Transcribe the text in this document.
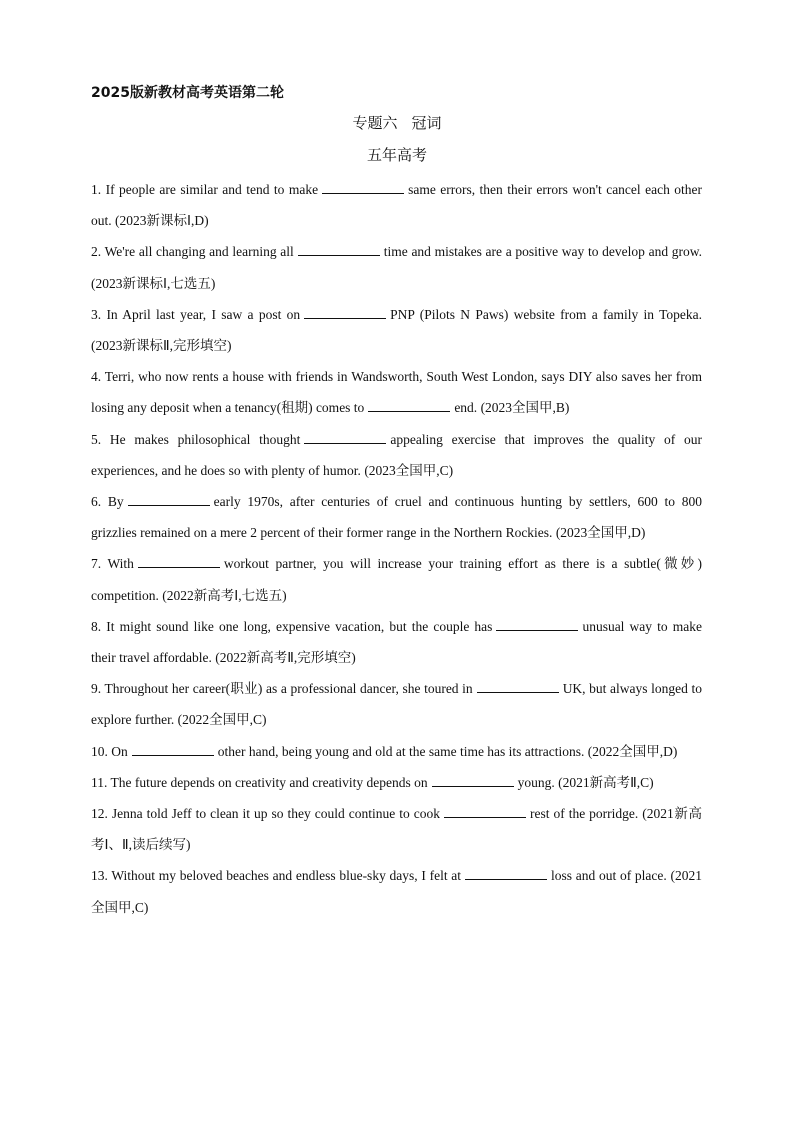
2025版新教材高考英语第二轮
专题六 冠词
五年高考

1. If people are similar and tend to make	same errors, then their errors won't cancel each other out. (2023新课标Ⅰ,D)

2. We're all changing and learning all	time and mistakes are a positive way to develop and grow. (2023新课标Ⅰ,七选五)

3. In April last year, I saw a post on	PNP (Pilots N Paws) website from a family in Topeka. (2023新课标Ⅱ,完形填空)

4. Terri, who now rents a house with friends in Wandsworth, South West London, says DIY also saves her from losing any deposit when a tenancy(租期) comes to	end. (2023全国甲,B)

5. He makes philosophical thought	appealing exercise that improves the quality of our experiences, and he does so with plenty of humor. (2023全国甲,C)

6. By	early 1970s, after centuries of cruel and continuous hunting by settlers, 600 to 800 grizzlies remained on a mere 2 percent of their former range in the Northern Rockies. (2023全国甲,D)

7. With	workout partner, you will increase your training effort as there is a subtle(微妙) competition. (2022新高考Ⅰ,七选五)

8. It might sound like one long, expensive vacation, but the couple has	unusual way to make their travel affordable. (2022新高考Ⅱ,完形填空)

9. Throughout her career(职业) as a professional dancer, she toured in	UK, but always longed to explore further. (2022全国甲,C)

10. On	other hand, being young and old at the same time has its attractions. (2022全国甲,D)

11. The future depends on creativity and creativity depends on	young. (2021新高考Ⅱ,C)

12. Jenna told Jeff to clean it up so they could continue to cook	rest of the porridge. (2021新高考Ⅰ、Ⅱ,读后续写)

13. Without my beloved beaches and endless blue-sky days, I felt at	loss and out of place. (2021全国甲,C)
